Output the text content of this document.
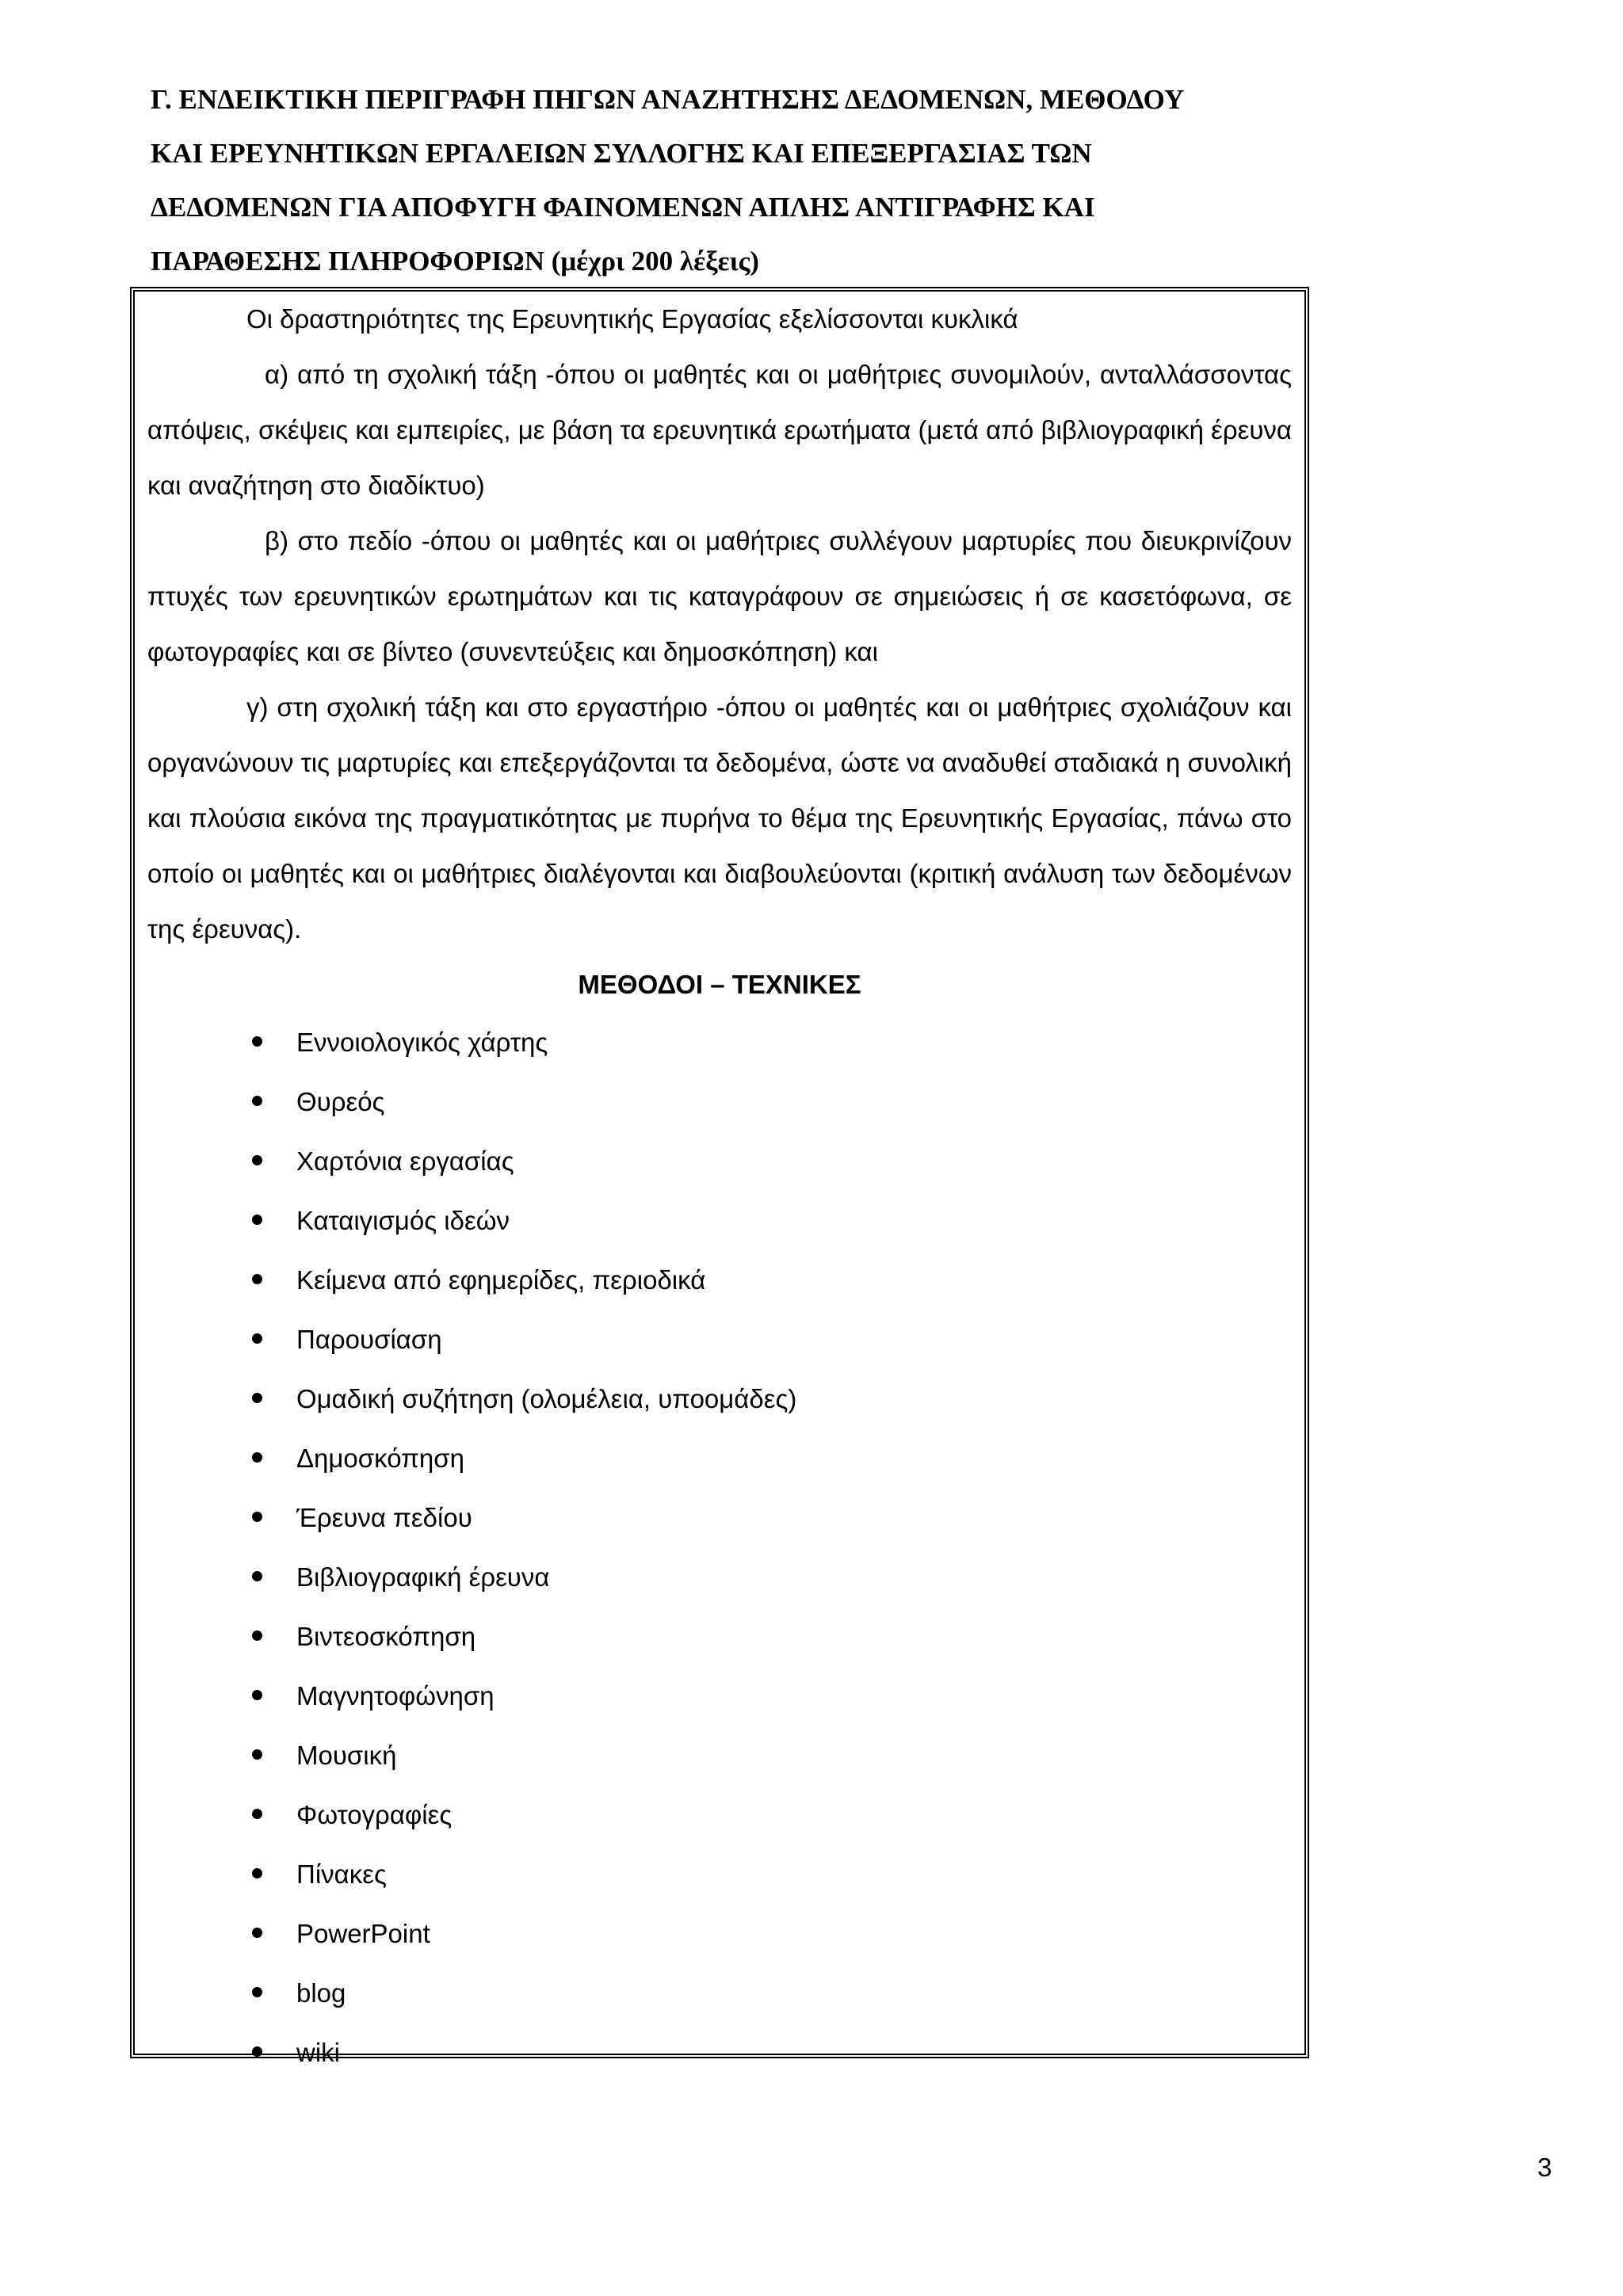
Γ. ΕΝΔΕΙΚΤΙΚΗ ΠΕΡΙΓΡΑΦΗ ΠΗΓΩΝ ΑΝΑΖΗΤΗΣΗΣ ΔΕΔΟΜΕΝΩΝ, ΜΕΘΟΔΟΥ
ΚΑΙ ΕΡΕΥΝΗΤΙΚΩΝ ΕΡΓΑΛΕΙΩΝ ΣΥΛΛΟΓΗΣ ΚΑΙ ΕΠΕΞΕΡΓΑΣΙΑΣ ΤΩΝ
ΔΕΔΟΜΕΝΩΝ ΓΙΑ ΑΠΟΦΥΓΗ ΦΑΙΝΟΜΕΝΩΝ ΑΠΛΗΣ ΑΝΤΙΓΡΑΦΗΣ ΚΑΙ
ΠΑΡΑΘΕΣΗΣ ΠΛΗΡΟΦΟΡΙΩΝ (μέχρι 200 λέξεις)

Οι δραστηριότητες της Ερευνητικής Εργασίας εξελίσσονται κυκλικά

α) από τη σχολική τάξη -όπου οι μαθητές και οι μαθήτριες συνομιλούν, ανταλλάσσοντας απόψεις, σκέψεις και εμπειρίες, με βάση τα ερευνητικά ερωτήματα (μετά από βιβλιογραφική έρευνα και αναζήτηση στο διαδίκτυο)

β) στο πεδίο -όπου οι μαθητές και οι μαθήτριες συλλέγουν μαρτυρίες που διευκρινίζουν πτυχές των ερευνητικών ερωτημάτων και τις καταγράφουν σε σημειώσεις ή σε κασετόφωνα, σε φωτογραφίες και σε βίντεο (συνεντεύξεις και δημοσκόπηση) και

γ) στη σχολική τάξη και στο εργαστήριο -όπου οι μαθητές και οι μαθήτριες σχολιάζουν και οργανώνουν τις μαρτυρίες και επεξεργάζονται τα δεδομένα, ώστε να αναδυθεί σταδιακά η συνολική και πλούσια εικόνα της πραγματικότητας με πυρήνα το θέμα της Ερευνητικής Εργασίας, πάνω στο οποίο οι μαθητές και οι μαθήτριες διαλέγονται και διαβουλεύονται (κριτική ανάλυση των δεδομένων της έρευνας).

ΜΕΘΟΔΟΙ – ΤΕΧΝΙΚΕΣ

Εννοιολογικός χάρτης
Θυρεός
Χαρτόνια εργασίας
Καταιγισμός ιδεών
Κείμενα από εφημερίδες, περιοδικά
Παρουσίαση
Ομαδική συζήτηση (ολομέλεια, υποομάδες)
Δημοσκόπηση
Έρευνα πεδίου
Βιβλιογραφική έρευνα
Βιντεοσκόπηση
Μαγνητοφώνηση
Μουσική
Φωτογραφίες
Πίνακες
PowerPoint
blog
wiki
3
